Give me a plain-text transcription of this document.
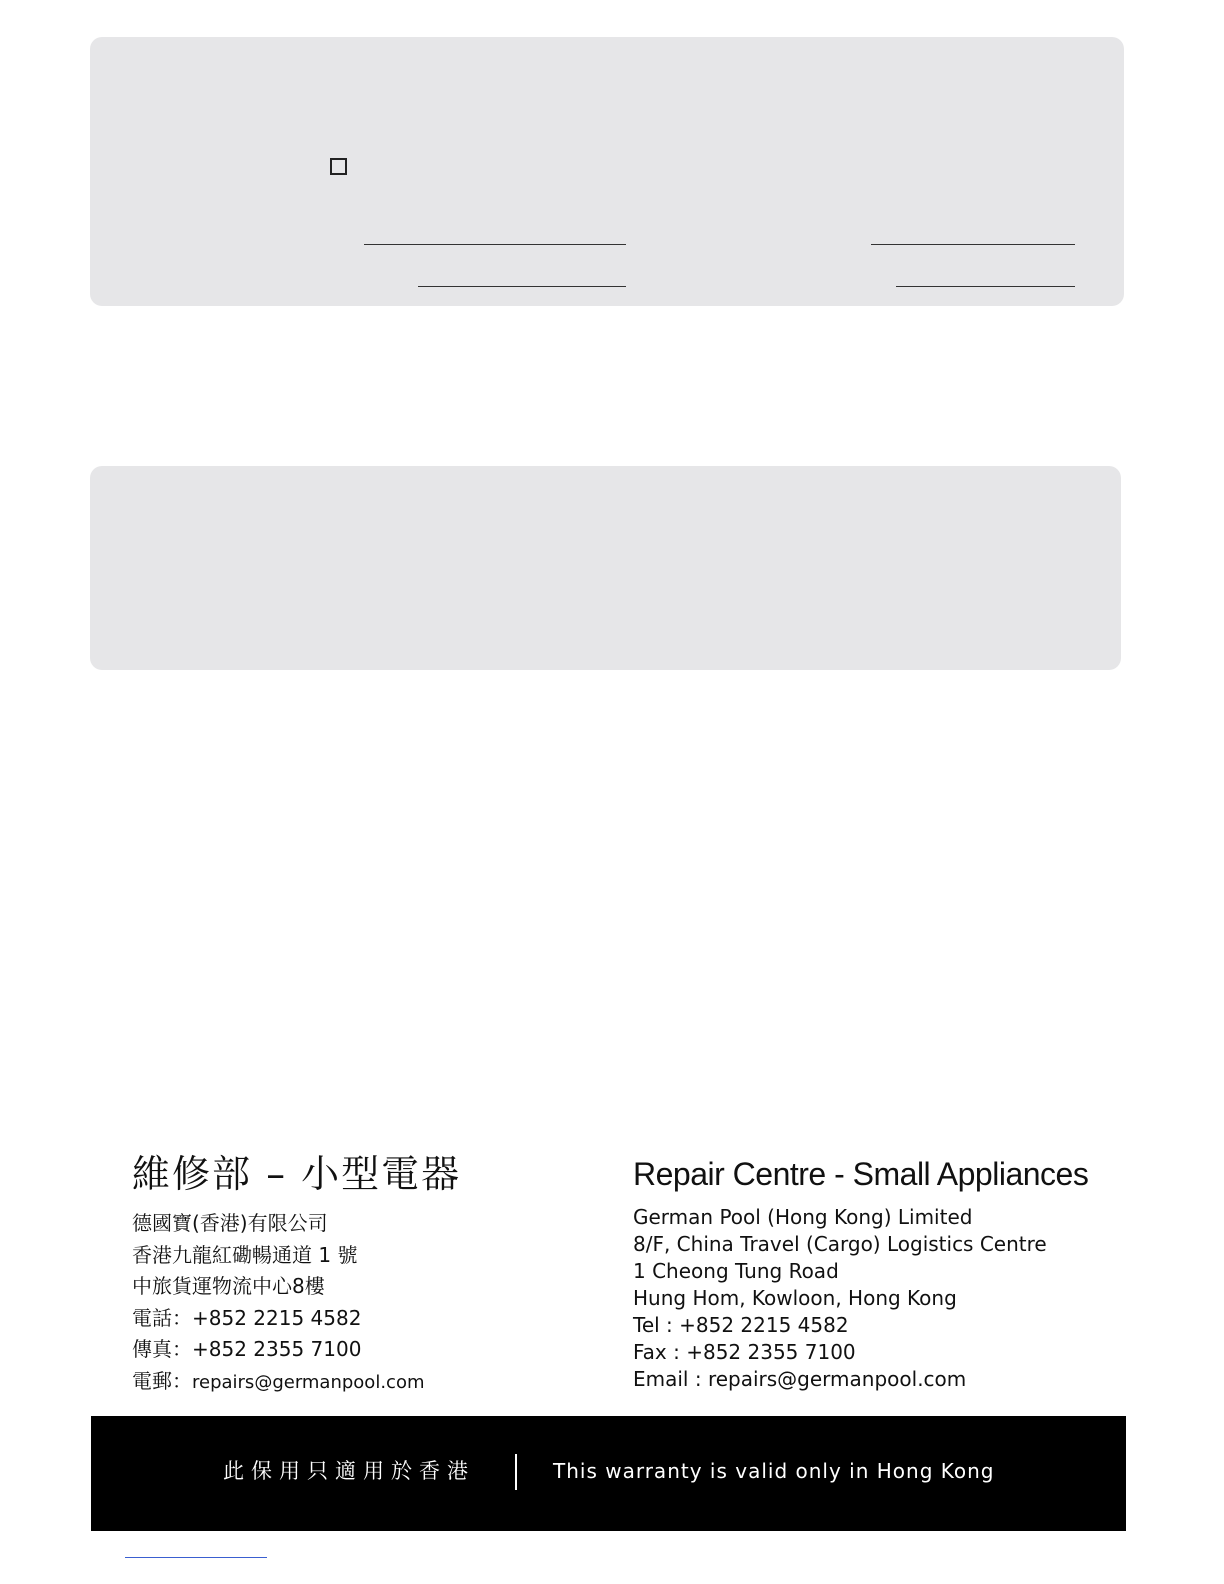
維修部 – 小型電器
德國寶(香港)有限公司
香港九龍紅磡暢通道 1 號
中旅貨運物流中心8樓
電話：+852 2215 4582
傳真：+852 2355 7100
電郵：repairs@germanpool.com
Repair Centre - Small Appliances
German Pool (Hong Kong) Limited
8/F, China Travel (Cargo) Logistics Centre
1 Cheong Tung Road
Hung Hom, Kowloon, Hong Kong
Tel : +852 2215 4582
Fax : +852 2355 7100
Email : repairs@germanpool.com
此保用只適用於香港	This warranty is valid only in Hong Kong
